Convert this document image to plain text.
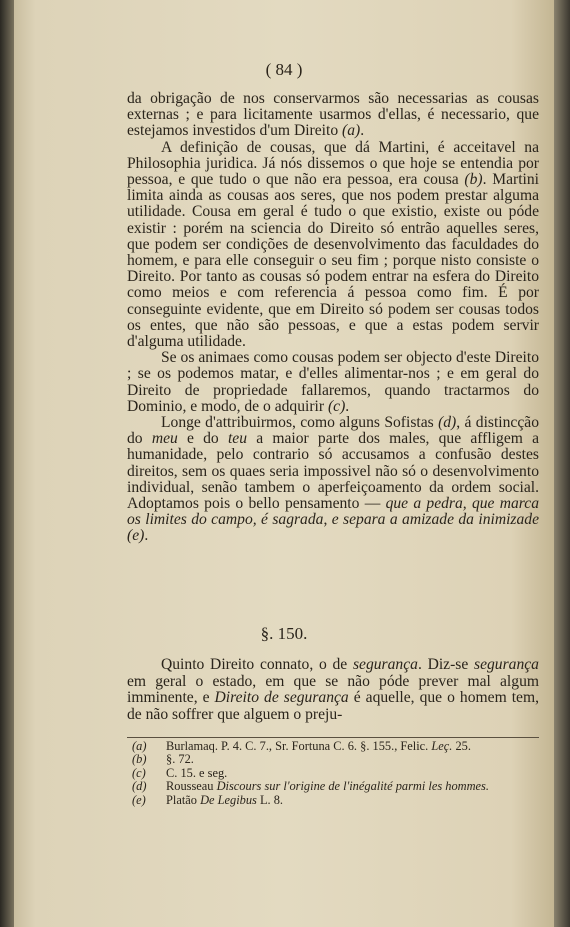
( 84 )

da obrigação de nos conservarmos são necessarias as cousas externas ; e para licitamente usarmos d'ellas, é necessario, que estejamos investidos d'um Direito (a).

A definição de cousas, que dá Martini, é acceitavel na Philosophia juridica. Já nós dissemos o que hoje se entendia por pessoa, e que tudo o que não era pessoa, era cousa (b). Martini limita ainda as cousas aos seres, que nos podem prestar alguma utilidade. Cousa em geral é tudo o que existio, existe ou póde existir : porém na sciencia do Direito só entrão aquelles seres, que podem ser condições de desenvolvimento das faculdades do homem, e para elle conseguir o seu fim ; porque nisto consiste o Direito. Por tanto as cousas só podem entrar na esfera do Direito como meios e com referencia á pessoa como fim. É por conseguinte evidente, que em Direito só podem ser cousas todos os entes, que não são pessoas, e que a estas podem servir d'alguma utilidade.

Se os animaes como cousas podem ser objecto d'este Direito ; se os podemos matar, e d'elles alimentar-nos ; e em geral do Direito de propriedade fallaremos, quando tractarmos do Dominio, e modo, de o adquirir (c).

Longe d'attribuirmos, como alguns Sofistas (d), á distincção do meu e do teu a maior parte dos males, que affligem a humanidade, pelo contrario só accusamos a confusão destes direitos, sem os quaes seria impossivel não só o desenvolvimento individual, senão tambem o aperfeiçoamento da ordem social. Adoptamos pois o bello pensamento — que a pedra, que marca os limites do campo, é sagrada, e separa a amizade da inimizade (e).

§. 150.

Quinto Direito connato, o de segurança. Diz-se segurança em geral o estado, em que se não póde prever mal algum imminente, e Direito de segurança é aquelle, que o homem tem, de não soffrer que alguem o preju-

(a)	Burlamaq. P. 4. C. 7., Sr. Fortuna C. 6. §. 155., Felic. Leç. 25.
(b)	§. 72.
(c)	C. 15. e seg.
(d)	Rousseau Discours sur l'origine de l'inégalité parmi les hommes.
(e)	Platão De Legibus L. 8.
